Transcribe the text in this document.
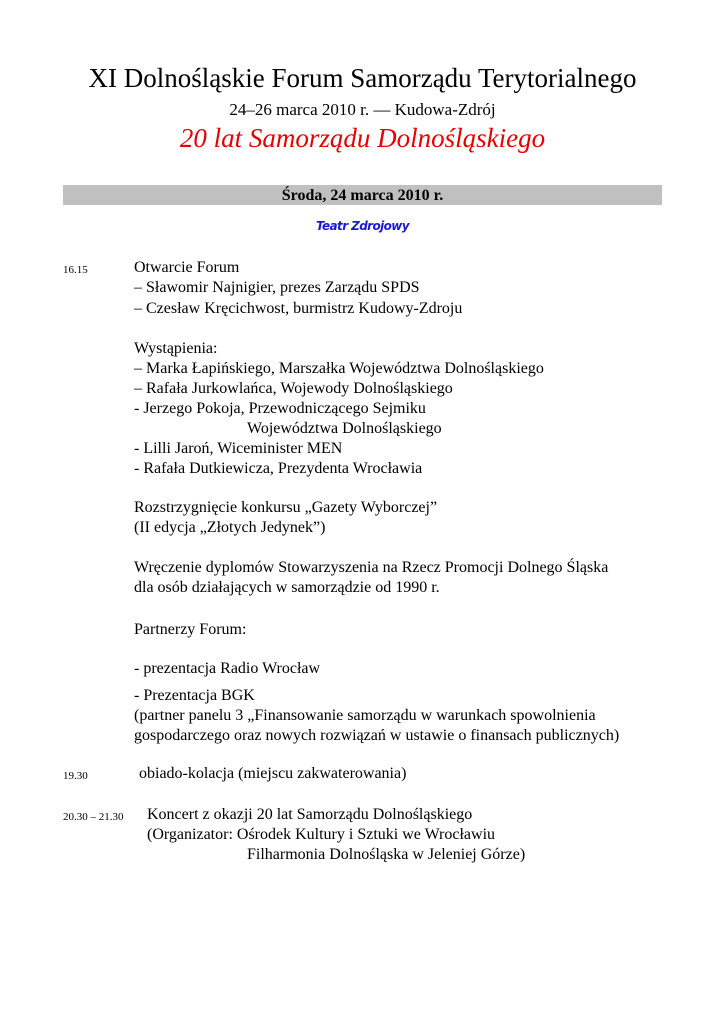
XI Dolnośląskie Forum Samorządu Terytorialnego
24–26 marca 2010 r. — Kudowa-Zdrój
20 lat Samorządu Dolnośląskiego
Środa, 24 marca 2010 r.
Teatr Zdrojowy
16.15	Otwarcie Forum
– Sławomir Najnigier, prezes Zarządu SPDS
– Czesław Kręcichwost, burmistrz Kudowy-Zdroju
Wystąpienia:
– Marka Łapińskiego, Marszałka Województwa Dolnośląskiego
– Rafała Jurkowlańca, Wojewody Dolnośląskiego
- Jerzego Pokoja, Przewodniczącego Sejmiku
Województwa Dolnośląskiego
- Lilli Jaroń, Wiceminister MEN
- Rafała Dutkiewicza, Prezydenta Wrocławia
Rozstrzygnięcie konkursu „Gazety Wyborczej”
(II edycja „Złotych Jedynek”)
Wręczenie dyplomów Stowarzyszenia na Rzecz Promocji Dolnego Śląska
dla osób działających w samorządzie od 1990 r.
Partnerzy Forum:
- prezentacja Radio Wrocław
- Prezentacja BGK
(partner panelu 3 „Finansowanie samorządu w warunkach spowolnienia
gospodarczego oraz nowych rozwiązań w ustawie o finansach publicznych)
19.30	obiado-kolacja (miejscu zakwaterowania)
20.30 – 21.30 Koncert z okazji 20 lat Samorządu Dolnośląskiego
(Organizator: Ośrodek Kultury i Sztuki we Wrocławiu
Filharmonia Dolnośląska w Jeleniej Górze)
